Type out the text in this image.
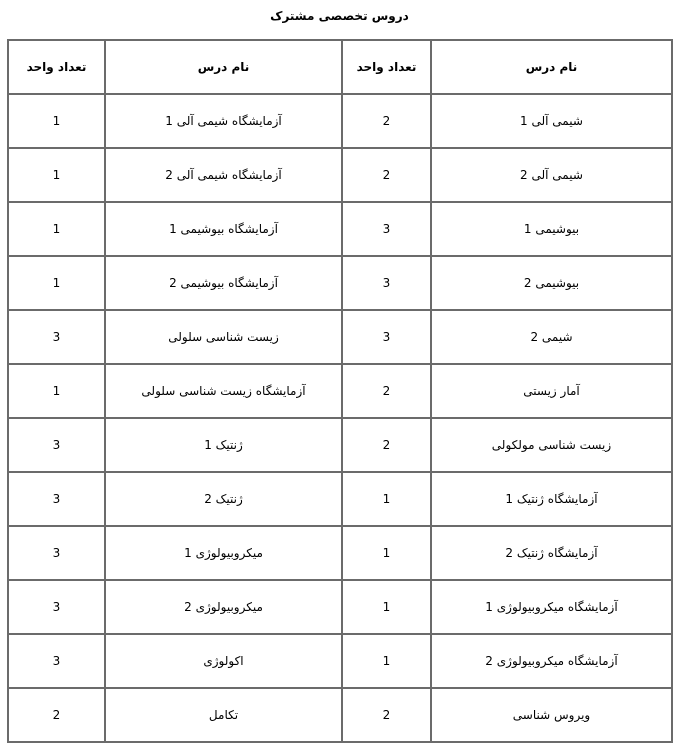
دروس تخصصی مشترک
نام درس	تعداد واحد	نام درس	تعداد واحد
شیمی آلی 1	2	آزمایشگاه شیمی آلی 1	1
شیمی آلی 2	2	آزمایشگاه شیمی آلی 2	1
بیوشیمی 1	3	آزمایشگاه بیوشیمی 1	1
بیوشیمی 2	3	آزمایشگاه بیوشیمی 2	1
شیمی 2	3	زیست شناسی سلولی	3
آمار زیستی	2	آزمایشگاه زیست شناسی سلولی	1
زیست شناسی مولکولی	2	ژنتیک 1	3
آزمایشگاه ژنتیک 1	1	ژنتیک 2	3
آزمایشگاه ژنتیک 2	1	میکروبیولوژی 1	3
آزمایشگاه میکروبیولوژی 1	1	میکروبیولوژی 2	3
آزمایشگاه میکروبیولوژی 2	1	اکولوژی	3
ویروس شناسی	2	تکامل	2
